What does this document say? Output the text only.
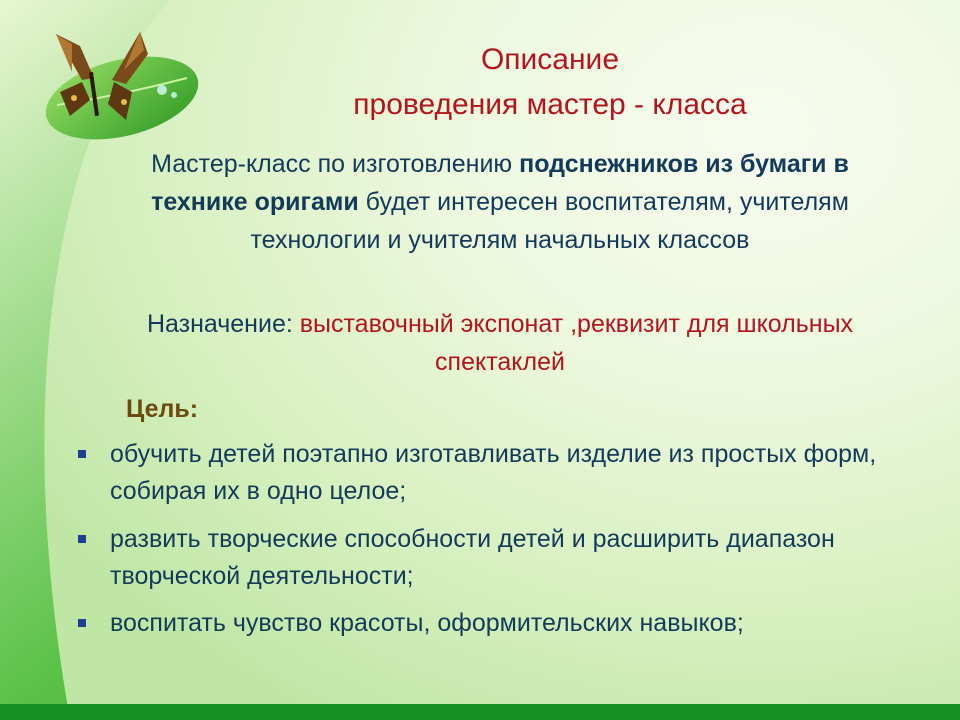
Описание
проведения мастер - класса
Мастер-класс по изготовлению подснежников из бумаги в технике оригами будет интересен воспитателям, учителям технологии и учителям начальных классов
Назначение: выставочный экспонат ,реквизит для школьных спектаклей
Цель:
обучить детей поэтапно изготавливать изделие из простых форм, собирая их в одно целое;
развить творческие способности детей и расширить диапазон творческой деятельности;
воспитать чувство красоты, оформительских навыков;
